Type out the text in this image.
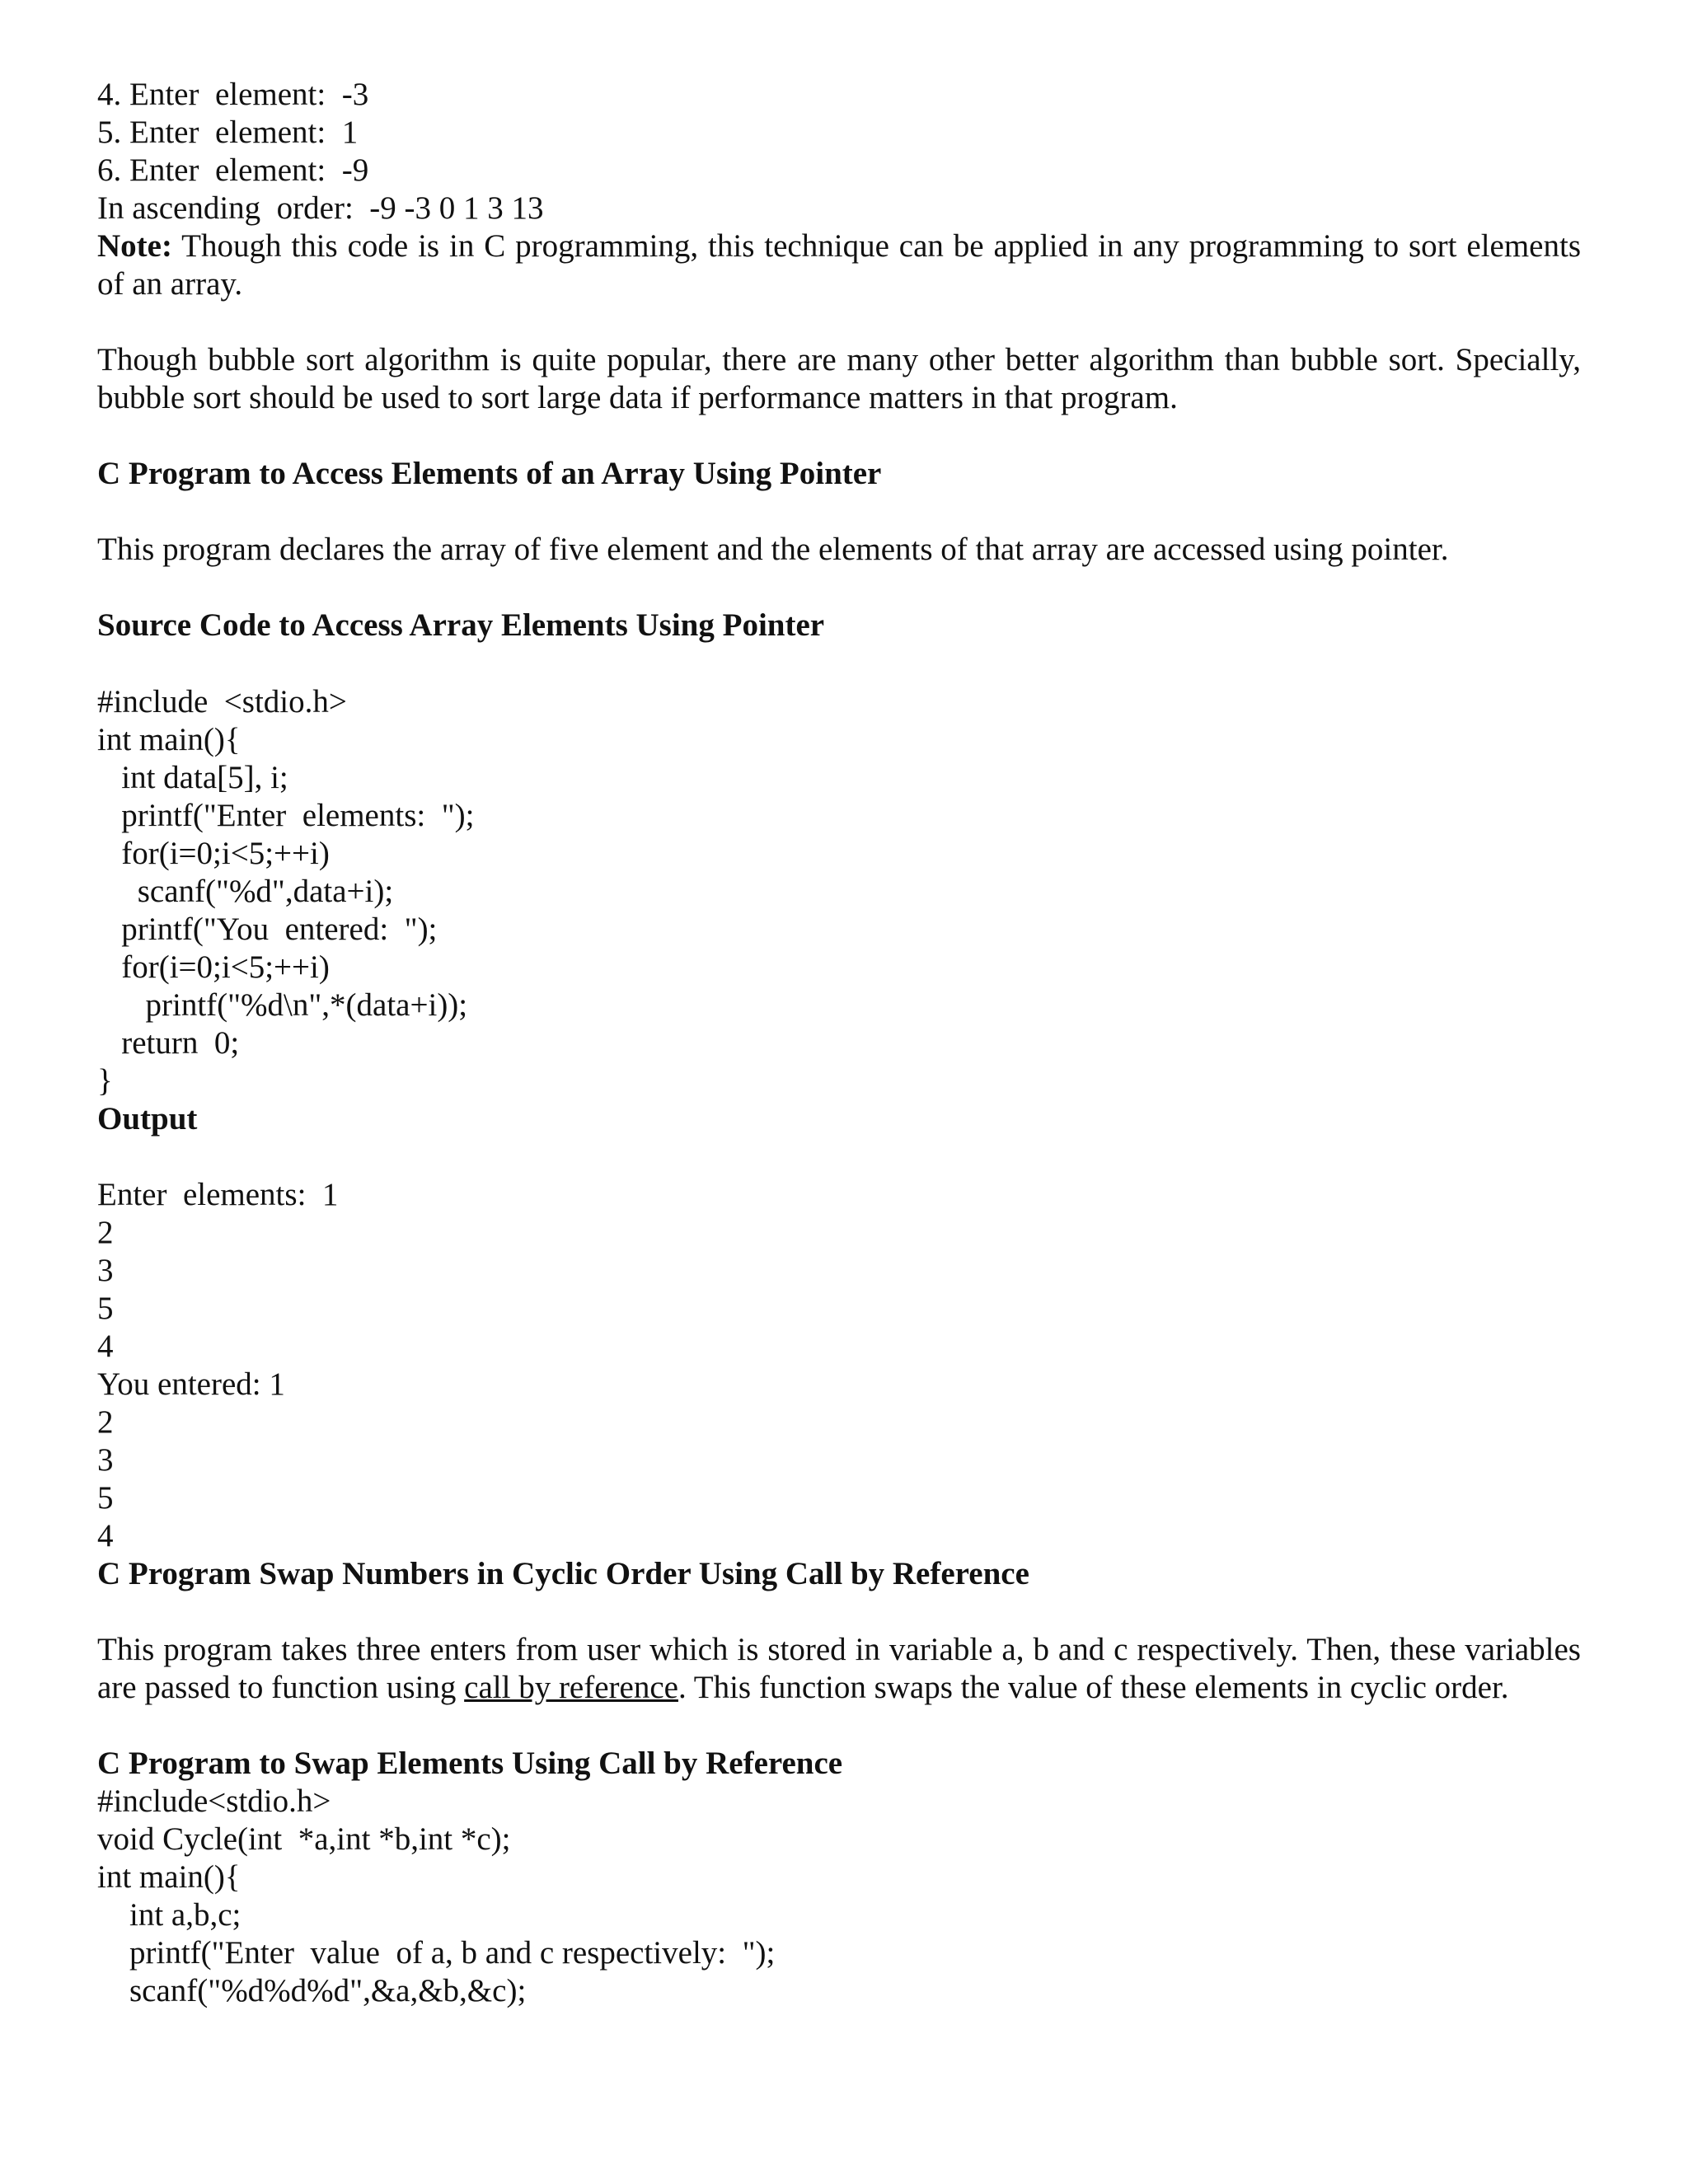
4. Enter  element:  -3
5. Enter  element:  1
6. Enter  element:  -9
In ascending  order:  -9 -3 0 1 3 13
Note: Though this code is in C programming, this technique can be applied in any programming to sort elements of an array.
Though bubble sort algorithm is quite popular, there are many other better algorithm than bubble sort. Specially, bubble sort should be used to sort large data if performance matters in that program.
C Program to Access Elements of an Array Using Pointer
This program declares the array of five element and the elements of that array are accessed using pointer.
Source Code to Access Array Elements Using Pointer
#include  <stdio.h>
int main(){
int data[5], i;
printf("Enter  elements:  ");
for(i=0;i<5;++i)
scanf("%d",data+i);
printf("You  entered:  ");
for(i=0;i<5;++i)
printf("%d\n",*(data+i));
return  0;
}
Output
Enter  elements:  1
2
3
5
4
You entered: 1
2
3
5
4
C Program Swap Numbers in Cyclic Order Using Call by Reference
This program takes three enters from user which is stored in variable a, b and c respectively. Then, these variables are passed to function using call by reference. This function swaps the value of these elements in cyclic order.
C Program to Swap Elements Using Call by Reference
#include<stdio.h>
void Cycle(int  *a,int *b,int *c);
int main(){
int a,b,c;
printf("Enter  value  of a, b and c respectively:  ");
scanf("%d%d%d",&a,&b,&c);
